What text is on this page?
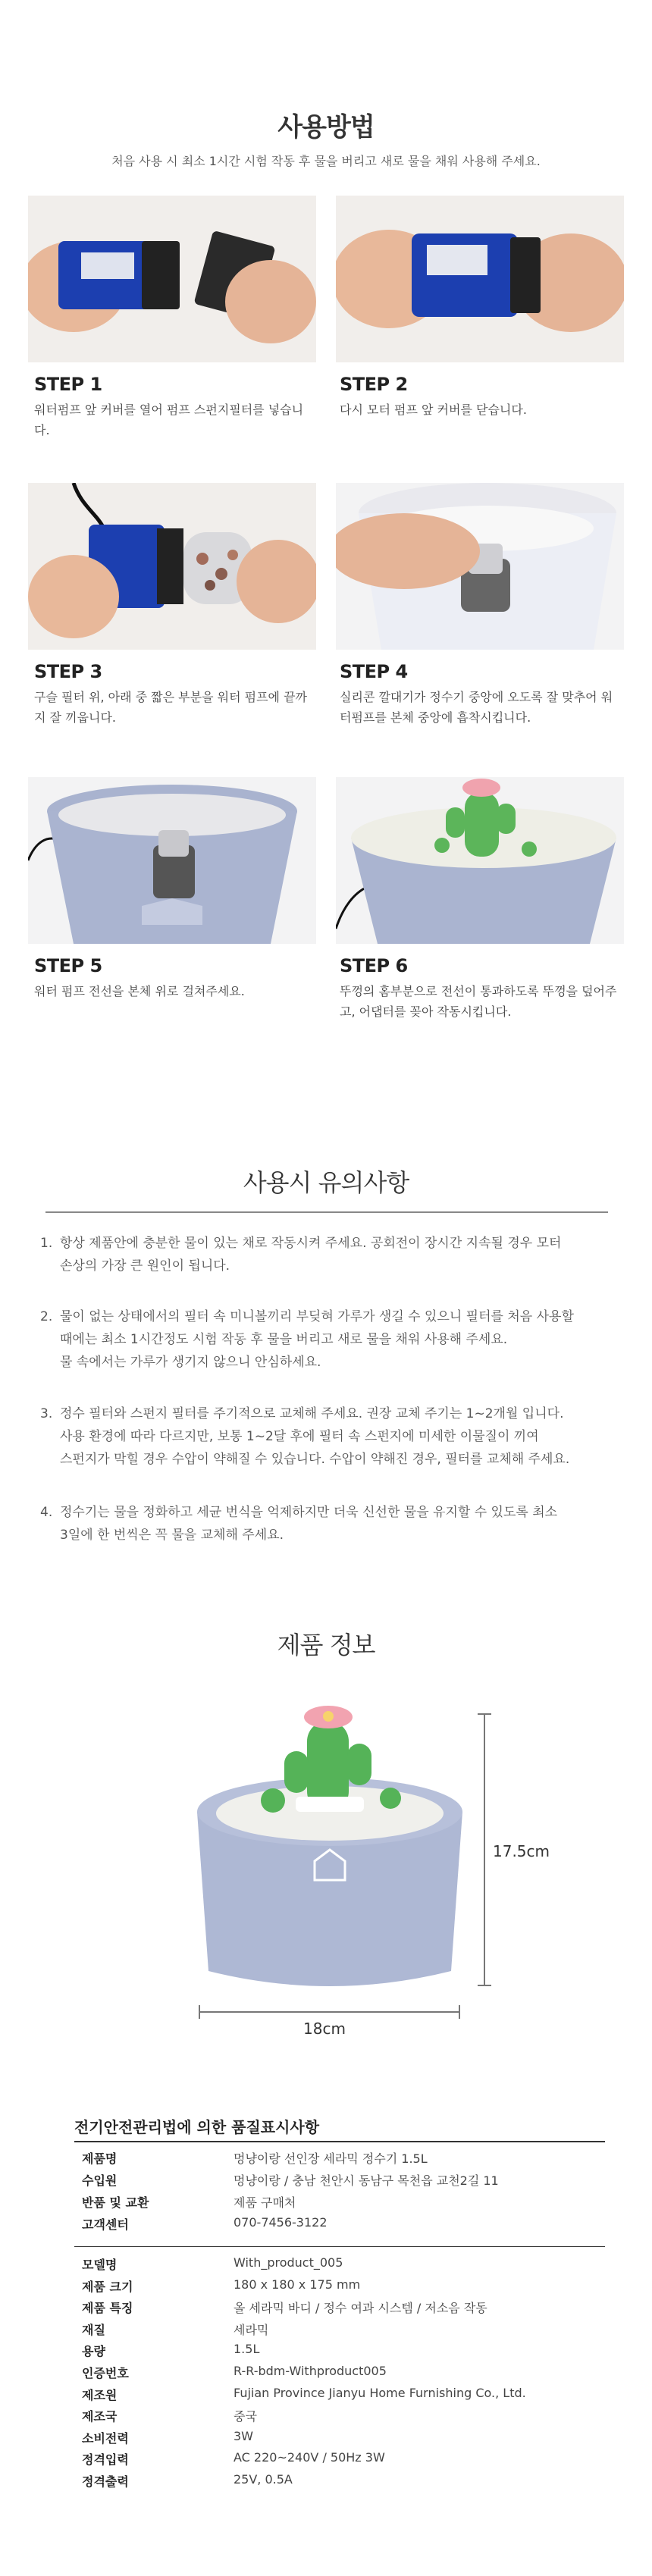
사용방법
처음 사용 시 최소 1시간 시험 작동 후 물을 버리고 새로 물을 채워 사용해 주세요.
STEP 1
워터펌프 앞 커버를 열어 펌프 스펀지필터를 넣습니다.
STEP 2
다시 모터 펌프 앞 커버를 닫습니다.
STEP 3
구슬 필터 위, 아래 중 짧은 부분을 워터 펌프에 끝까지 잘 끼웁니다.
STEP 4
실리콘 깔대기가 정수기 중앙에 오도록 잘 맞추어 워터펌프를 본체 중앙에 흡착시킵니다.
STEP 5
워터 펌프 전선을 본체 위로 걸쳐주세요.
STEP 6
뚜껑의 홈부분으로 전선이 통과하도록 뚜껑을 덮어주고, 어댑터를 꽂아 작동시킵니다.
사용시 유의사항
1. 항상 제품안에 충분한 물이 있는 채로 작동시켜 주세요. 공회전이 장시간 지속될 경우 모터
손상의 가장 큰 원인이 됩니다.
2. 물이 없는 상태에서의 필터 속 미니볼끼리 부딪혀 가루가 생길 수 있으니 필터를 처음 사용할
때에는 최소 1시간정도 시험 작동 후 물을 버리고 새로 물을 채워 사용해 주세요.
물 속에서는 가루가 생기지 않으니 안심하세요.
3. 정수 필터와 스펀지 필터를 주기적으로 교체해 주세요. 권장 교체 주기는 1~2개월 입니다.
사용 환경에 따라 다르지만, 보통 1~2달 후에 필터 속 스펀지에 미세한 이물질이 끼여
스펀지가 막힐 경우 수압이 약해질 수 있습니다. 수압이 약해진 경우, 필터를 교체해 주세요.
4. 정수기는 물을 정화하고 세균 번식을 억제하지만 더욱 신선한 물을 유지할 수 있도록 최소
3일에 한 번씩은 꼭 물을 교체해 주세요.
제품 정보
17.5cm
18cm
전기안전관리법에 의한 품질표시사항
제품명	멍냥이랑 선인장 세라믹 정수기 1.5L
수입원	멍냥이랑 / 충남 천안시 동남구 목천읍 교천2길 11
반품 및 교환	제품 구매처
고객센터	070-7456-3122
모델명	With_product_005
제품 크기	180 x 180 x 175 mm
제품 특징	올 세라믹 바디 / 정수 여과 시스템 / 저소음 작동
재질	세라믹
용량	1.5L
인증번호	R-R-bdm-Withproduct005
제조원	Fujian Province Jianyu Home Furnishing Co., Ltd.
제조국	중국
소비전력	3W
정격입력	AC 220~240V / 50Hz 3W
정격출력	25V, 0.5A
